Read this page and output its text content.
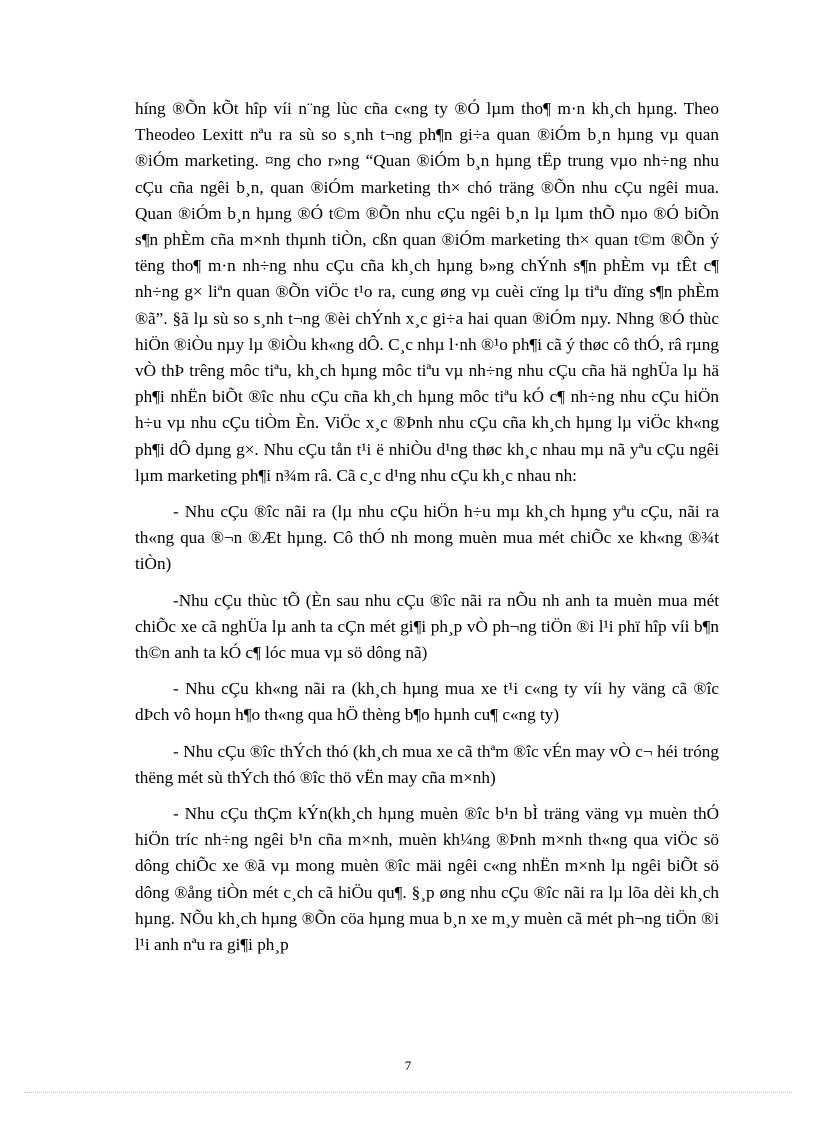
híng ®Õn kÕt hîp víi n¨ng lùc cña c«ng ty ®Ó lµm tho¶ m·n kh¸ch hµng. Theo Theodeo Lexitt nªu ra sù so s¸nh t¬ng ph¶n gi÷a quan ®iÓm b¸n hµng vµ quan ®iÓm marketing. ¤ng cho r»ng “Quan ®iÓm b¸n hµng tËp trung vµo nh÷ng nhu cÇu cña ngêi b¸n, quan ®iÓm marketing th× chó träng ®Õn nhu cÇu ngêi mua. Quan ®iÓm b¸n hµng ®Ó t©m ®Õn nhu cÇu ngêi b¸n lµ lµm thÕ nµo ®Ó biÕn s¶n phÈm cña m×nh thµnh tiÒn, cßn quan ®iÓm marketing th× quan t©m ®Õn ý tëng tho¶ m·n nh÷ng nhu cÇu cña kh¸ch hµng b»ng chÝnh s¶n phÈm vµ tÊt c¶ nh÷ng g× liªn quan ®Õn viÖc t¹o ra, cung øng vµ cuèi cïng lµ tiªu dïng s¶n phÈm ®ã”. §ã lµ sù so s¸nh t¬ng ®èi chÝnh x¸c gi÷a hai quan ®iÓm nµy. Nhng ®Ó thùc hiÖn ®iÒu nµy lµ ®iÒu kh«ng dÔ. C¸c nhµ l·nh ®¹o ph¶i cã ý thøc cô thÓ, râ rµng vÒ thÞ trêng môc tiªu, kh¸ch hµng môc tiªu vµ nh÷ng nhu cÇu cña hä nghÜa lµ hä ph¶i nhËn biÕt ®îc nhu cÇu cña kh¸ch hµng môc tiªu kÓ c¶ nh÷ng nhu cÇu hiÖn h÷u vµ nhu cÇu tiÒm Èn. ViÖc x¸c ®Þnh nhu cÇu cña kh¸ch hµng lµ viÖc kh«ng ph¶i dÔ dµng g×. Nhu cÇu tån t¹i ë nhiÒu d¹ng thøc kh¸c nhau mµ nã yªu cÇu ngêi lµm marketing ph¶i n¾m râ. Cã c¸c d¹ng nhu cÇu kh¸c nhau nh:

- Nhu cÇu ®îc nãi ra (lµ nhu cÇu hiÖn h÷u mµ kh¸ch hµng yªu cÇu, nãi ra th«ng qua ®¬n ®Æt hµng. Cô thÓ nh mong muèn mua mét chiÕc xe kh«ng ®¾t tiÒn)

-Nhu cÇu thùc tÕ (Èn sau nhu cÇu ®îc nãi ra nÕu nh anh ta muèn mua mét chiÕc xe cã nghÜa lµ anh ta cÇn mét gi¶i ph¸p vÒ ph¬ng tiÖn ®i l¹i phï hîp víi b¶n th©n anh ta kÓ c¶ lóc mua vµ sö dông nã)

- Nhu cÇu kh«ng nãi ra (kh¸ch hµng mua xe t¹i c«ng ty víi hy väng cã ®îc dÞch vô hoµn h¶o th«ng qua hÖ thèng b¶o hµnh cu¶ c«ng ty)

- Nhu cÇu ®îc thÝch thó (kh¸ch mua xe cã thªm ®îc vÉn may vÒ c¬ héi tróng thëng mét sù thÝch thó ®îc thö vËn may cña m×nh)

- Nhu cÇu thÇm kÝn(kh¸ch hµng muèn ®îc b¹n bÌ träng väng vµ muèn thÓ hiÖn tríc nh÷ng ngêi b¹n cña m×nh, muèn kh¼ng ®Þnh m×nh th«ng qua viÖc sö dông chiÕc xe ®ã vµ mong muèn ®îc mäi ngêi c«ng nhËn m×nh lµ ngêi biÕt sö dông ®ång tiÒn mét c¸ch cã hiÖu qu¶. §¸p øng nhu cÇu ®îc nãi ra lµ lõa dèi kh¸ch hµng. NÕu kh¸ch hµng ®Õn cöa hµng mua b¸n xe m¸y muèn cã mét ph¬ng tiÖn ®i l¹i anh nªu ra gi¶i ph¸p

7
